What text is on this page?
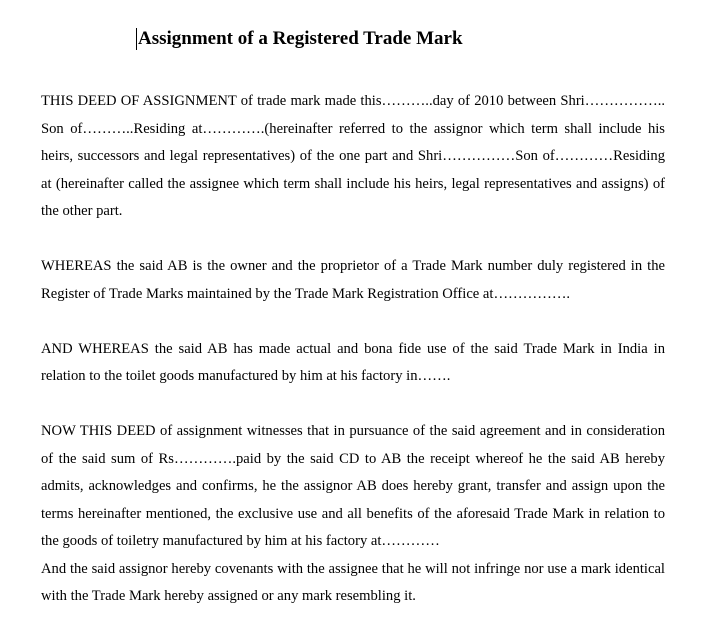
Assignment of a Registered Trade Mark

THIS DEED OF ASSIGNMENT of trade mark made this………..day of 2010 between Shri…………….. Son of………..Residing at………….(hereinafter referred to the assignor which term shall include his heirs, successors and legal representatives) of the one part and Shri……………Son of…………Residing at (hereinafter called the assignee which term shall include his heirs, legal representatives and assigns) of the other part.

WHEREAS the said AB is the owner and the proprietor of a Trade Mark number duly registered in the Register of Trade Marks maintained by the Trade Mark Registration Office at…………….

AND WHEREAS the said AB has made actual and bona fide use of the said Trade Mark in India in relation to the toilet goods manufactured by him at his factory in…….

NOW THIS DEED of assignment witnesses that in pursuance of the said agreement and in consideration of the said sum of Rs………….paid by the said CD to AB the receipt whereof he the said AB hereby admits, acknowledges and confirms, he the assignor AB does hereby grant, transfer and assign upon the terms hereinafter mentioned, the exclusive use and all benefits of the aforesaid Trade Mark in relation to the goods of toiletry manufactured by him at his factory at…………

And the said assignor hereby covenants with the assignee that he will not infringe nor use a mark identical with the Trade Mark hereby assigned or any mark resembling it.
